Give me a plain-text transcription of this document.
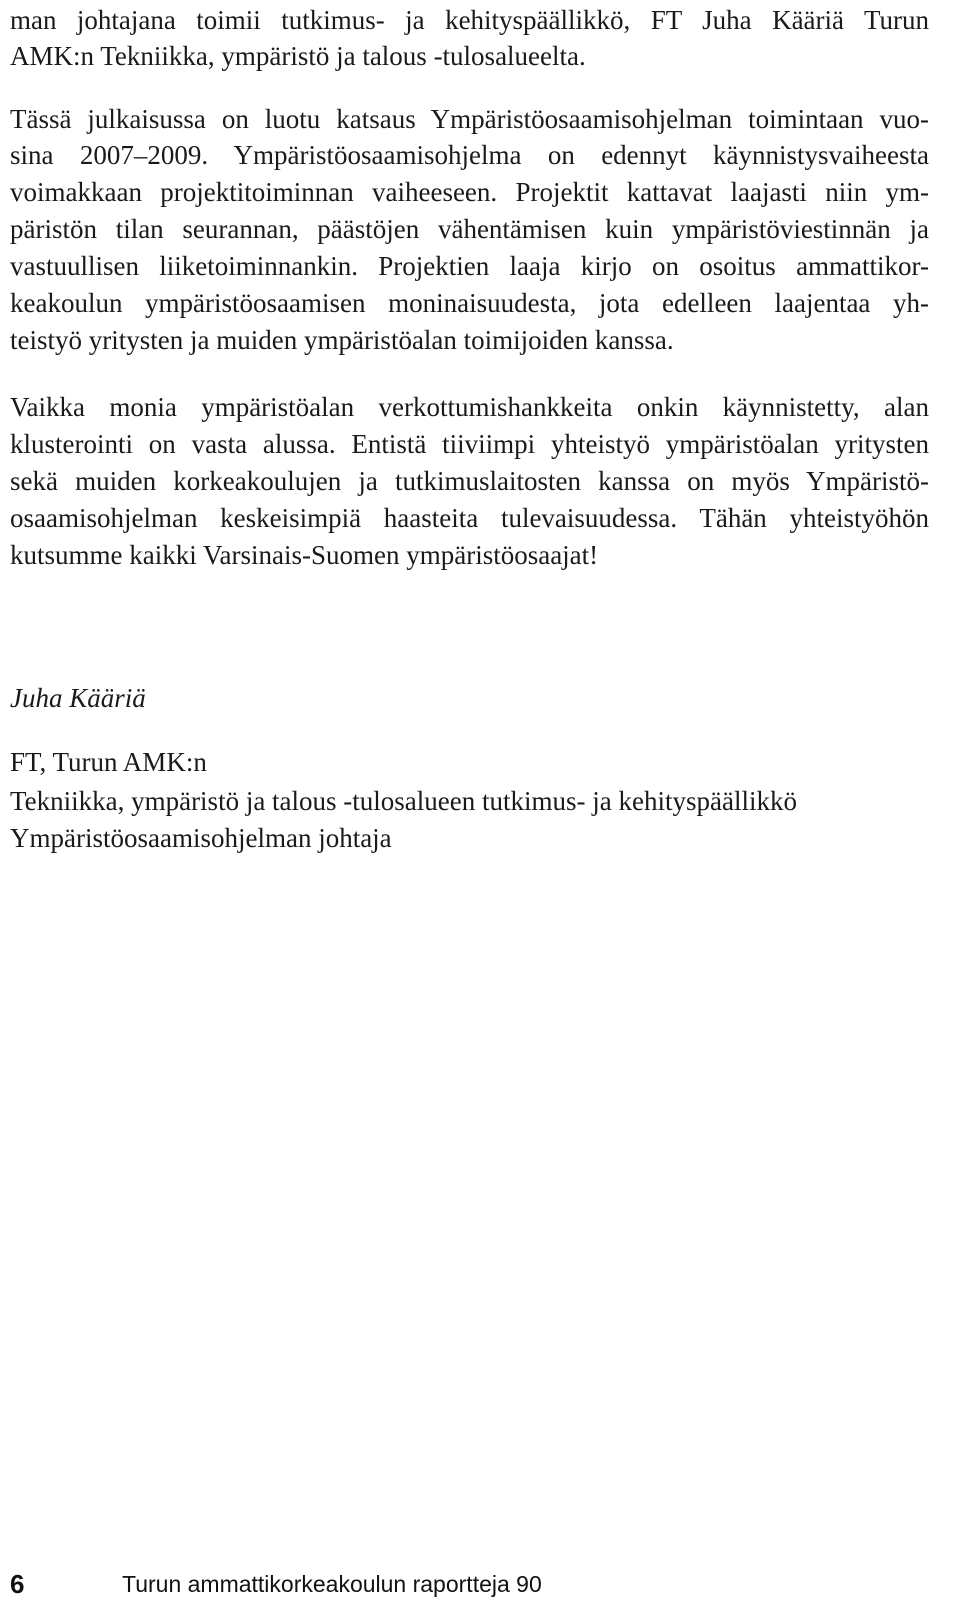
man johtajana toimii tutkimus- ja kehityspäällikkö, FT Juha Kääriä Turun

AMK:n Tekniikka, ympäristö ja talous -tulosalueelta.

Tässä julkaisussa on luotu katsaus Ympäristöosaamisohjelman toimintaan vuo-

sina 2007–2009. Ympäristöosaamisohjelma on edennyt käynnistysvaiheesta

voimakkaan projektitoiminnan vaiheeseen. Projektit kattavat laajasti niin ym-

päristön tilan seurannan, päästöjen vähentämisen kuin ympäristöviestinnän ja

vastuullisen liiketoiminnankin. Projektien laaja kirjo on osoitus ammattikor-

keakoulun ympäristöosaamisen moninaisuudesta, jota edelleen laajentaa yh-

teistyö yritysten ja muiden ympäristöalan toimijoiden kanssa.

Vaikka monia ympäristöalan verkottumishankkeita onkin käynnistetty, alan

klusterointi on vasta alussa. Entistä tiiviimpi yhteistyö ympäristöalan yritysten

sekä muiden korkeakoulujen ja tutkimuslaitosten kanssa on myös Ympäristö-

osaamisohjelman keskeisimpiä haasteita tulevaisuudessa. Tähän yhteistyöhön

kutsumme kaikki Varsinais-Suomen ympäristöosaajat!

Juha Kääriä

FT, Turun AMK:n

Tekniikka, ympäristö ja talous -tulosalueen tutkimus- ja kehityspäällikkö

Ympäristöosaamisohjelman johtaja

6	Turun ammattikorkeakoulun raportteja 90
